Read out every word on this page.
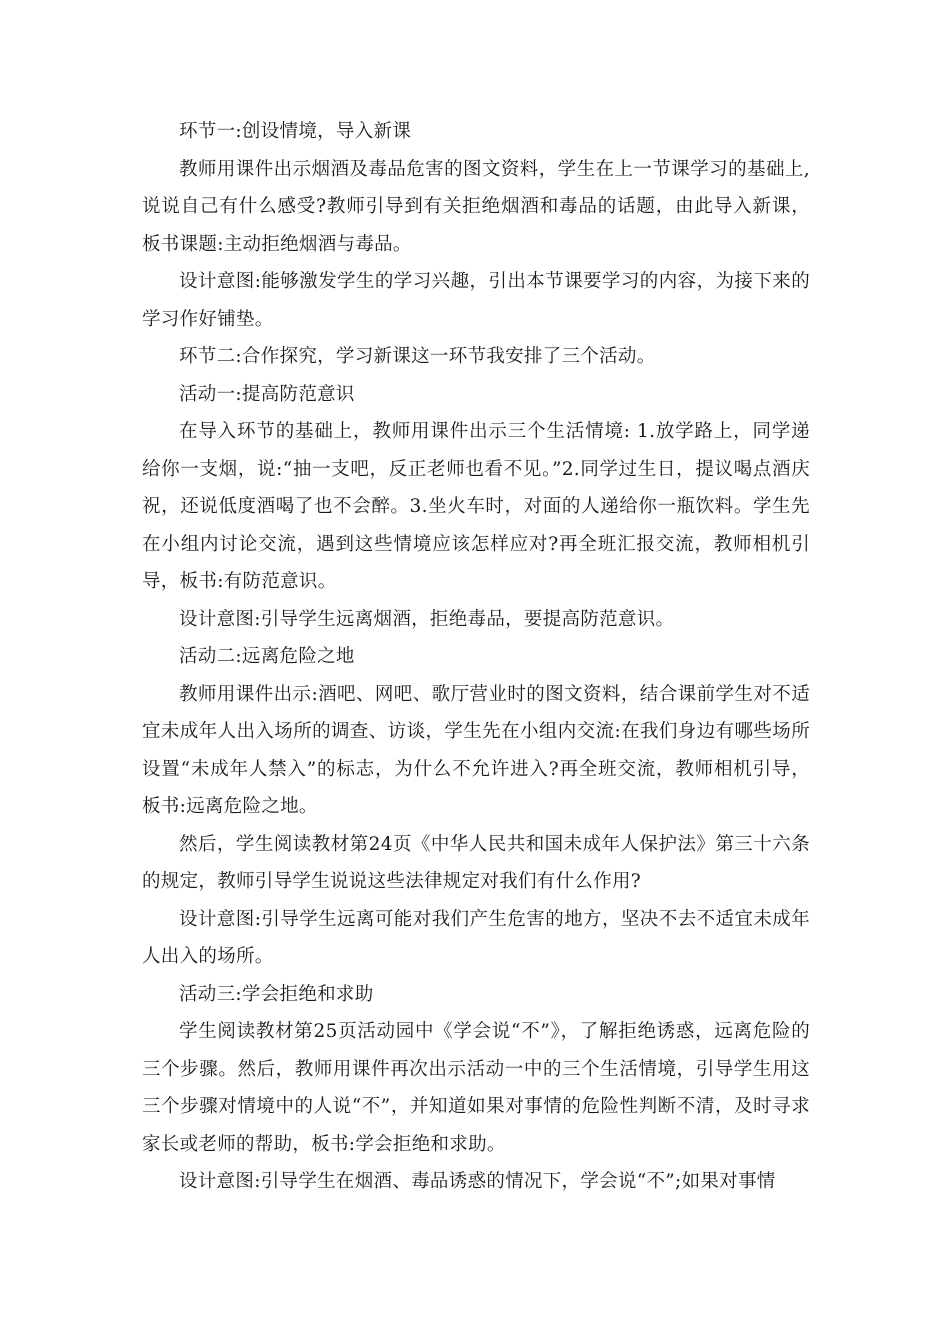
环节一:创设情境，导入新课

教师用课件出示烟酒及毒品危害的图文资料，学生在上一节课学习的基础上,说说自己有什么感受?教师引导到有关拒绝烟酒和毒品的话题，由此导入新课，板书课题:主动拒绝烟酒与毒品。

设计意图:能够激发学生的学习兴趣，引出本节课要学习的内容，为接下来的学习作好铺垫。

环节二:合作探究，学习新课这一环节我安排了三个活动。

活动一:提高防范意识

在导入环节的基础上，教师用课件出示三个生活情境: 1.放学路上，同学递给你一支烟，说:“抽一支吧，反正老师也看不见。”2.同学过生日，提议喝点酒庆祝，还说低度酒喝了也不会醉。3.坐火车时，对面的人递给你一瓶饮料。学生先在小组内讨论交流，遇到这些情境应该怎样应对?再全班汇报交流，教师相机引导，板书:有防范意识。

设计意图:引导学生远离烟酒，拒绝毒品，要提高防范意识。

活动二:远离危险之地

教师用课件出示:酒吧、网吧、歌厅营业时的图文资料，结合课前学生对不适宜未成年人出入场所的调查、访谈，学生先在小组内交流:在我们身边有哪些场所设置“未成年人禁入”的标志，为什么不允许进入?再全班交流，教师相机引导，板书:远离危险之地。

然后，学生阅读教材第24页《中华人民共和国未成年人保护法》第三十六条的规定，教师引导学生说说这些法律规定对我们有什么作用?

设计意图:引导学生远离可能对我们产生危害的地方，坚决不去不适宜未成年人出入的场所。

活动三:学会拒绝和求助

学生阅读教材第25页活动园中《学会说“不”》，了解拒绝诱惑，远离危险的三个步骤。然后，教师用课件再次出示活动一中的三个生活情境，引导学生用这三个步骤对情境中的人说“不”，并知道如果对事情的危险性判断不清，及时寻求家长或老师的帮助，板书:学会拒绝和求助。

设计意图:引导学生在烟酒、毒品诱惑的情况下，学会说“不”;如果对事情
